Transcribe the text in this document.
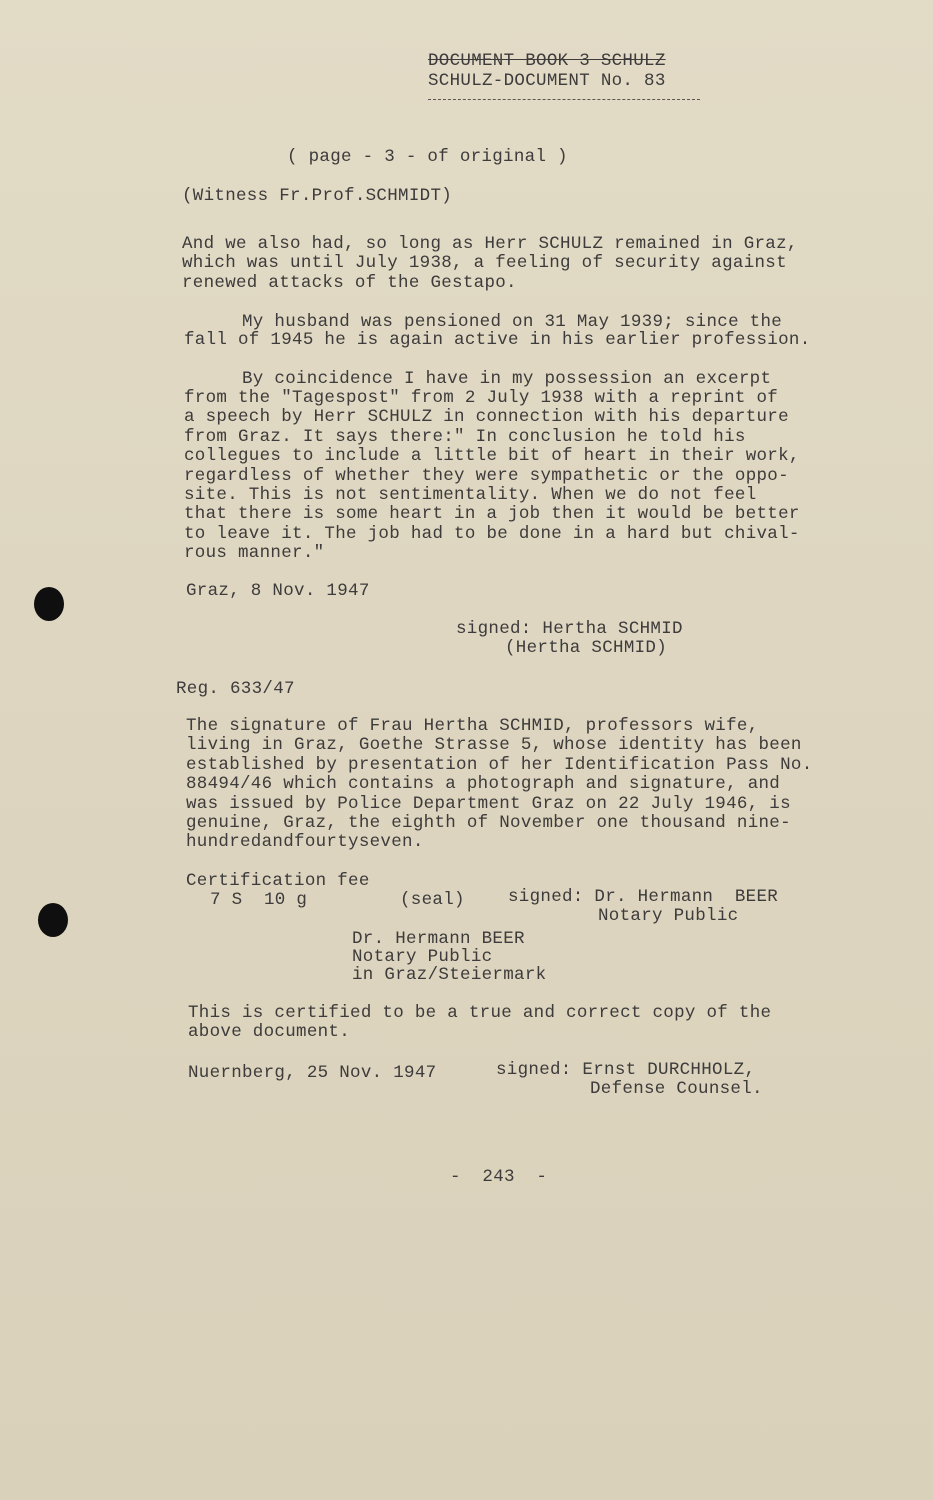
DOCUMENT BOOK 3 SCHULZ
SCHULZ-DOCUMENT No. 83
( page - 3 - of original )
(Witness Fr.Prof.SCHMIDT)
And we also had, so long as Herr SCHULZ remained in Graz,
which was until July 1938, a feeling of security against
renewed attacks of the Gestapo.
My husband was pensioned on 31 May 1939; since the
fall of 1945 he is again active in his earlier profession.
By coincidence I have in my possession an excerpt
from the "Tagespost" from 2 July 1938 with a reprint of
a speech by Herr SCHULZ in connection with his departure
from Graz. It says there:" In conclusion he told his
collegues to include a little bit of heart in their work,
regardless of whether they were sympathetic or the oppo-
site. This is not sentimentality. When we do not feel
that there is some heart in a job then it would be better
to leave it. The job had to be done in a hard but chival-
rous manner."
Graz, 8 Nov. 1947
signed: Hertha SCHMID
(Hertha SCHMID)
Reg. 633/47
The signature of Frau Hertha SCHMID, professors wife,
living in Graz, Goethe Strasse 5, whose identity has been
established by presentation of her Identification Pass No.
88494/46 which contains a photograph and signature, and
was issued by Police Department Graz on 22 July 1946, is
genuine, Graz, the eighth of November one thousand nine-
hundredandfourtyseven.
Certification fee
7 S  10 g	(seal) signed: Dr. Hermann  BEER
Notary Public
Dr. Hermann BEER
Notary Public
in Graz/Steiermark
This is certified to be a true and correct copy of the
above document.
Nuernberg, 25 Nov. 1947	signed: Ernst DURCHHOLZ,
Defense Counsel.
-  243  -
